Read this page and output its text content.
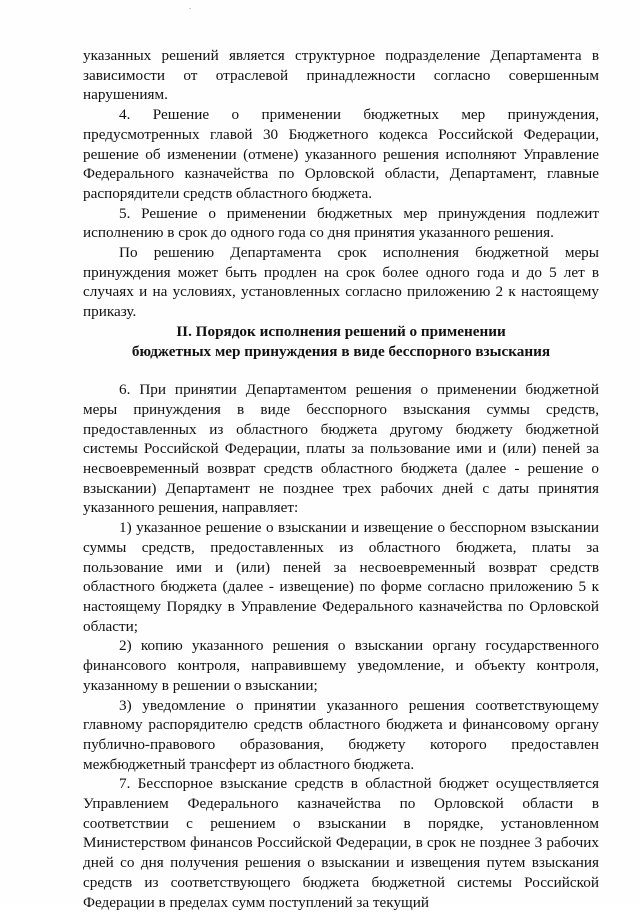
указанных решений является структурное подразделение Департамента в зависимости от отраслевой принадлежности согласно совершенным нарушениям.

4. Решение о применении бюджетных мер принуждения, предусмотренных главой 30 Бюджетного кодекса Российской Федерации, решение об изменении (отмене) указанного решения исполняют Управление Федерального казначейства по Орловской области, Департамент, главные распорядители средств областного бюджета.

5. Решение о применении бюджетных мер принуждения подлежит исполнению в срок до одного года со дня принятия указанного решения.

По решению Департамента срок исполнения бюджетной меры принуждения может быть продлен на срок более одного года и до 5 лет в случаях и на условиях, установленных согласно приложению 2 к настоящему приказу.

II. Порядок исполнения решений о применении
бюджетных мер принуждения в виде бесспорного взыскания

6. При принятии Департаментом решения о применении бюджетной меры принуждения в виде бесспорного взыскания суммы средств, предоставленных из областного бюджета другому бюджету бюджетной системы Российской Федерации, платы за пользование ими и (или) пеней за несвоевременный возврат средств областного бюджета (далее - решение о взыскании) Департамент не позднее трех рабочих дней с даты принятия указанного решения, направляет:

1) указанное решение о взыскании и извещение о бесспорном взыскании суммы средств, предоставленных из областного бюджета, платы за пользование ими и (или) пеней за несвоевременный возврат средств областного бюджета (далее - извещение) по форме согласно приложению 5 к настоящему Порядку в Управление Федерального казначейства по Орловской области;

2) копию указанного решения о взыскании органу государственного финансового контроля, направившему уведомление, и объекту контроля, указанному в решении о взыскании;

3) уведомление о принятии указанного решения соответствующему главному распорядителю средств областного бюджета и финансовому органу публично-правового образования, бюджету которого предоставлен межбюджетный трансферт из областного бюджета.

7. Бесспорное взыскание средств в областной бюджет осуществляется Управлением Федерального казначейства по Орловской области в соответствии с решением о взыскании в порядке, установленном Министерством финансов Российской Федерации, в срок не позднее 3 рабочих дней со дня получения решения о взыскании и извещения путем взыскания средств из соответствующего бюджета бюджетной системы Российской Федерации в пределах сумм поступлений за текущий
